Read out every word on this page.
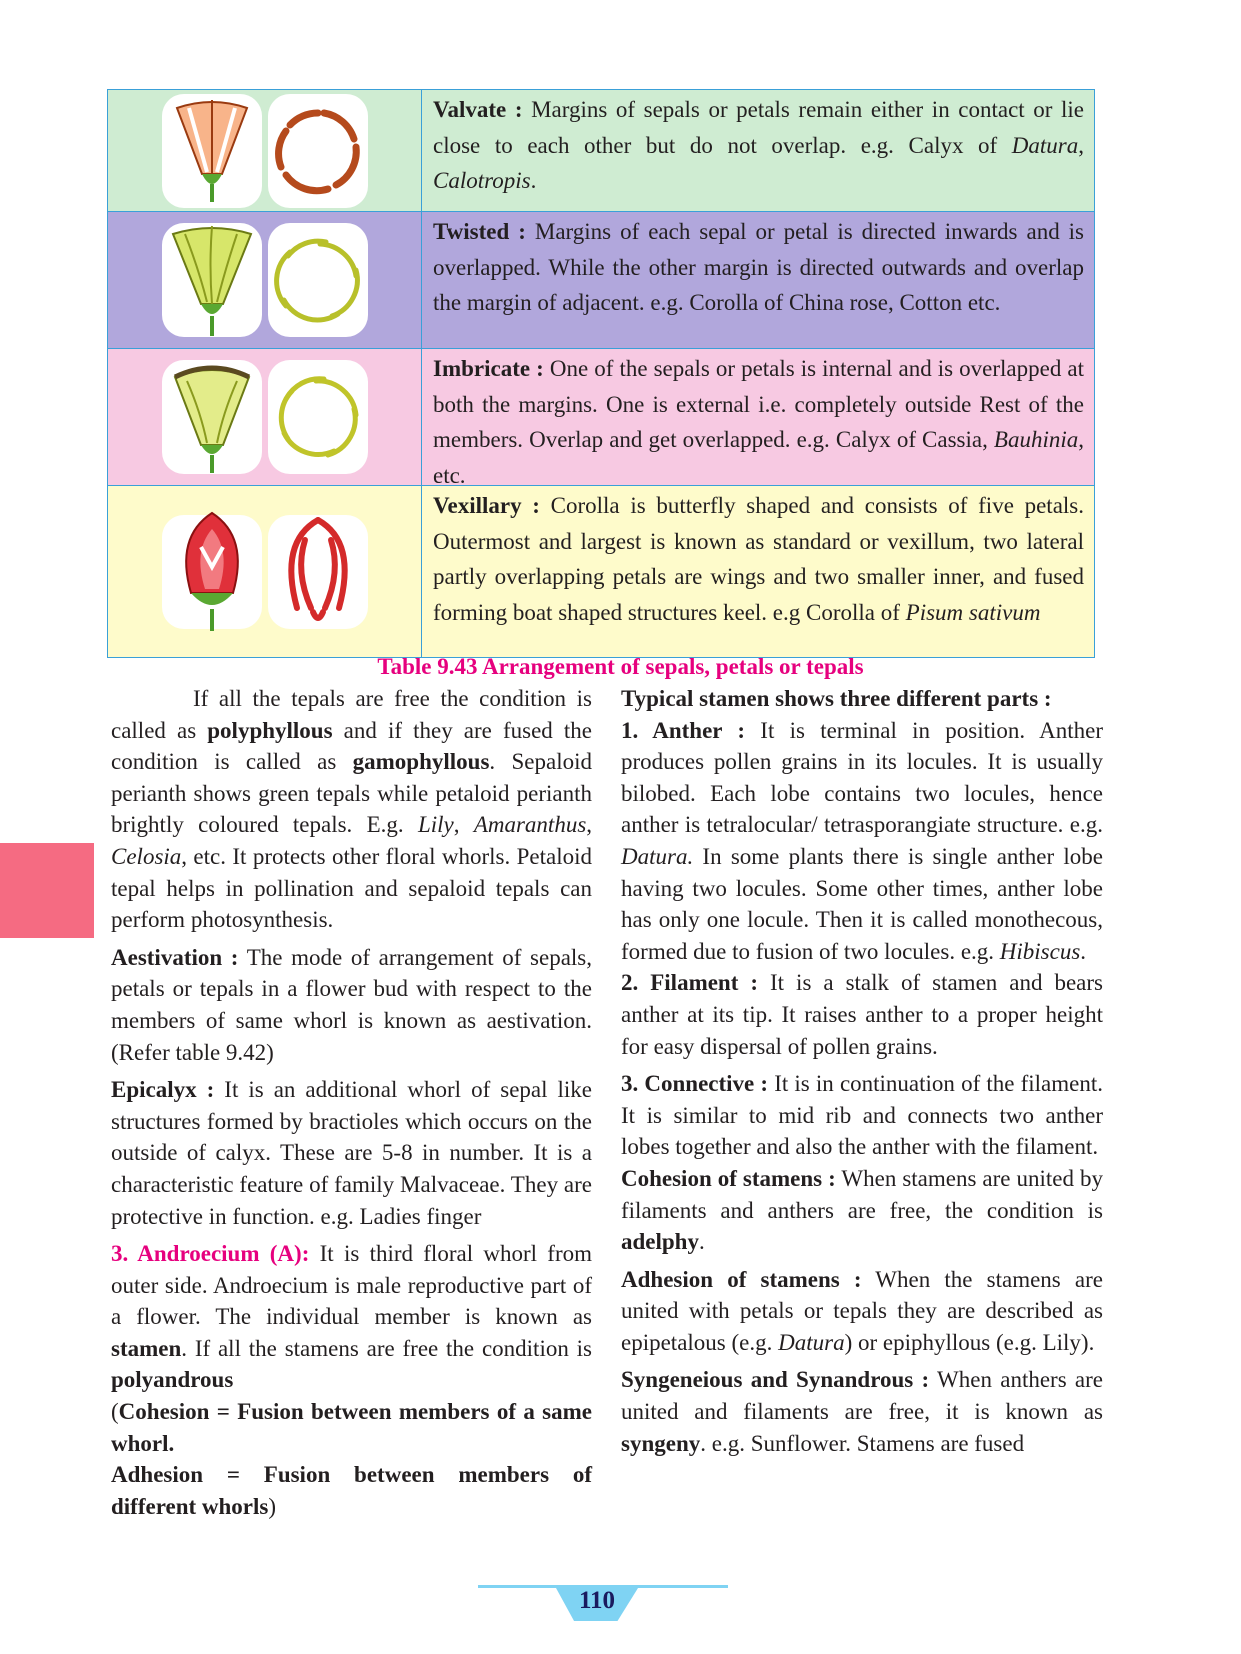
Valvate : Margins of sepals or petals remain either in contact or lie close to each other but do not overlap. e.g. Calyx of Datura, Calotropis.
Twisted : Margins of each sepal or petal is directed inwards and is overlapped. While the other margin is directed outwards and overlap the margin of adjacent. e.g. Corolla of China rose, Cotton etc.
Imbricate : One of the sepals or petals is internal and is overlapped at both the margins. One is external i.e. completely outside Rest of the members. Overlap and get overlapped. e.g. Calyx of Cassia, Bauhinia, etc.
Vexillary : Corolla is butterfly shaped and consists of five petals. Outermost and largest is known as standard or vexillum, two lateral partly overlapping petals are wings and two smaller inner, and fused forming boat shaped structures keel. e.g Corolla of Pisum sativum
Table 9.43 Arrangement of sepals, petals or tepals

If all the tepals are free the condition is called as polyphyllous and if they are fused the condition is called as gamophyllous. Sepaloid perianth shows green tepals while petaloid perianth brightly coloured tepals. E.g. Lily, Amaranthus, Celosia, etc. It protects other floral whorls. Petaloid tepal helps in pollination and sepaloid tepals can perform photosynthesis.

Aestivation : The mode of arrangement of sepals, petals or tepals in a flower bud with respect to the members of same whorl is known as aestivation. (Refer table 9.42)

Epicalyx : It is an additional whorl of sepal like structures formed by bractioles which occurs on the outside of calyx. These are 5-8 in number. It is a characteristic feature of family Malvaceae. They are protective in function. e.g. Ladies finger

3. Androecium (A): It is third floral whorl from outer side. Androecium is male reproductive part of a flower. The individual member is known as stamen. If all the stamens are free the condition is polyandrous

(Cohesion = Fusion between members of a same whorl.

Adhesion = Fusion between members of different whorls)

Typical stamen shows three different parts :

1. Anther : It is terminal in position. Anther produces pollen grains in its locules. It is usually bilobed. Each lobe contains two locules, hence anther is tetralocular/ tetrasporangiate structure. e.g. Datura. In some plants there is single anther lobe having two locules. Some other times, anther lobe has only one locule. Then it is called monothecous, formed due to fusion of two locules. e.g. Hibiscus.

2. Filament : It is a stalk of stamen and bears anther at its tip. It raises anther to a proper height for easy dispersal of pollen grains.

3. Connective : It is in continuation of the filament. It is similar to mid rib and connects two anther lobes together and also the anther with the filament.

Cohesion of stamens : When stamens are united by filaments and anthers are free, the condition is adelphy.

Adhesion of stamens : When the stamens are united with petals or tepals they are described as epipetalous (e.g. Datura) or epiphyllous (e.g. Lily).

Syngeneious and Synandrous : When anthers are united and filaments are free, it is known as syngeny. e.g. Sunflower. Stamens are fused

110
